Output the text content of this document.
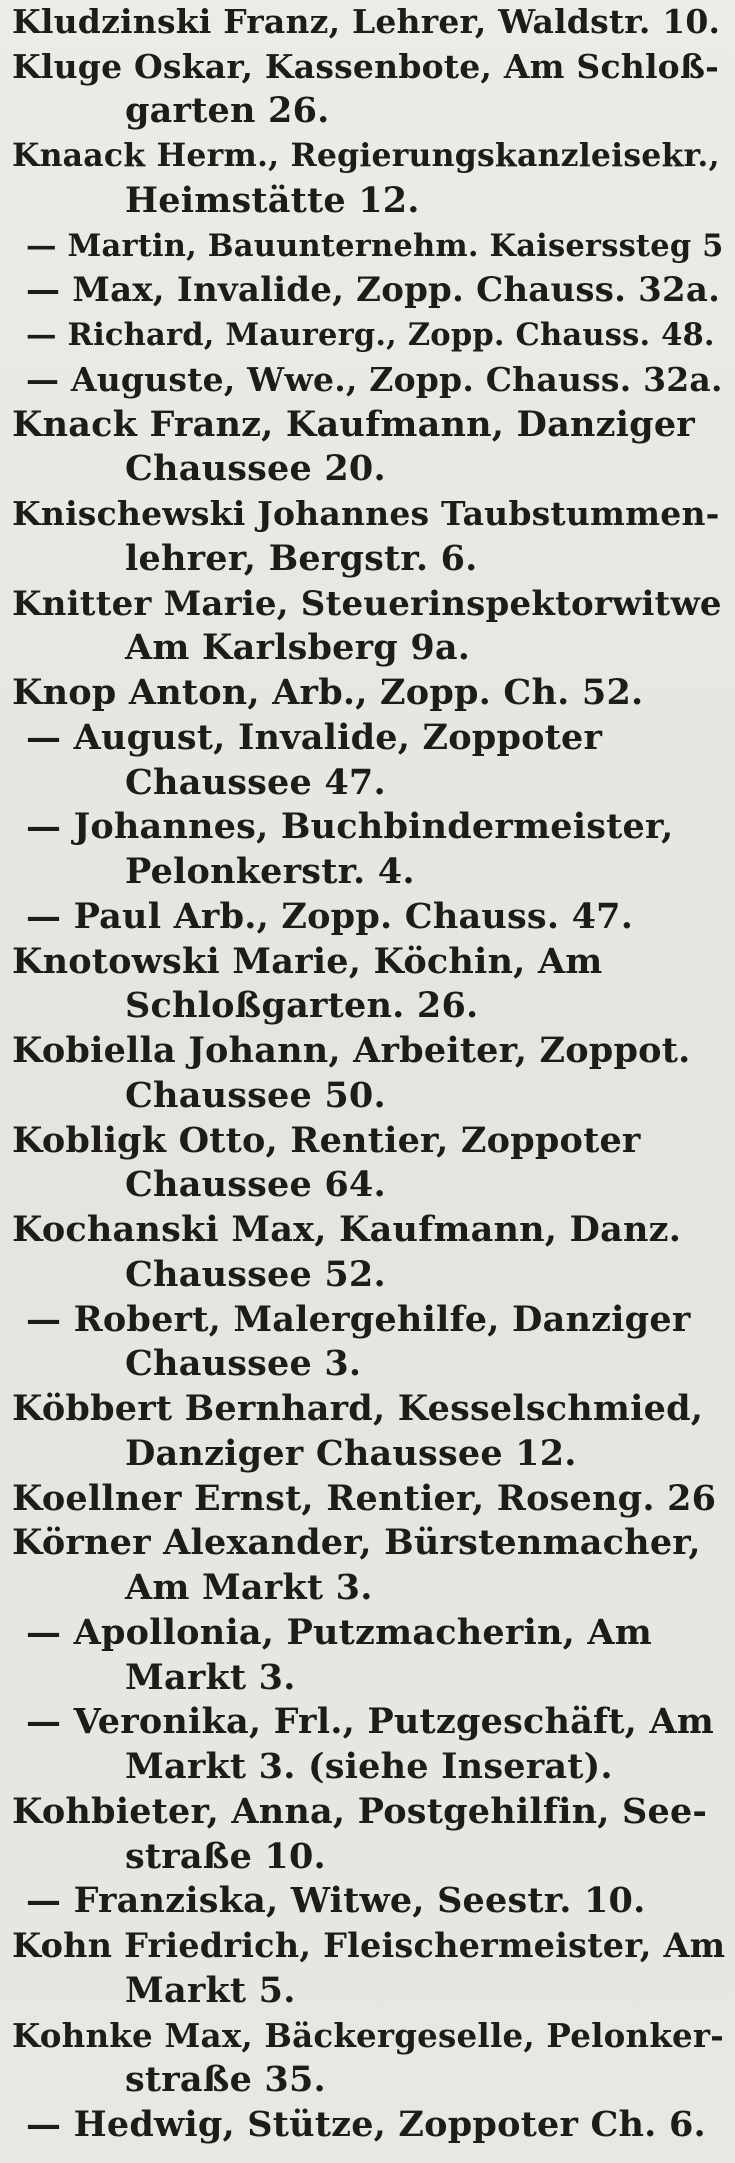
Kludzinski Franz, Lehrer, Waldstr. 10.
Kluge Oskar, Kassenbote, Am Schloß-
garten 26.
Knaack Herm., Regierungskanzleisekr.,
Heimstätte 12.
— Martin, Bauunternehm. Kaiserssteg 5
— Max, Invalide, Zopp. Chauss. 32a.
— Richard, Maurerg., Zopp. Chauss. 48.
— Auguste, Wwe., Zopp. Chauss. 32a.
Knack Franz, Kaufmann, Danziger
Chaussee 20.
Knischewski Johannes Taubstummen-
lehrer, Bergstr. 6.
Knitter Marie, Steuerinspektorwitwe
Am Karlsberg 9a.
Knop Anton, Arb., Zopp. Ch. 52.
— August, Invalide, Zoppoter
Chaussee 47.
— Johannes, Buchbindermeister,
Pelonkerstr. 4.
— Paul Arb., Zopp. Chauss. 47.
Knotowski Marie, Köchin, Am
Schloßgarten. 26.
Kobiella Johann, Arbeiter, Zoppot.
Chaussee 50.
Kobligk Otto, Rentier, Zoppoter
Chaussee 64.
Kochanski Max, Kaufmann, Danz.
Chaussee 52.
— Robert, Malergehilfe, Danziger
Chaussee 3.
Köbbert Bernhard, Kesselschmied,
Danziger Chaussee 12.
Koellner Ernst, Rentier, Roseng. 26
Körner Alexander, Bürstenmacher,
Am Markt 3.
— Apollonia, Putzmacherin, Am
Markt 3.
— Veronika, Frl., Putzgeschäft, Am
Markt 3. (siehe Inserat).
Kohbieter, Anna, Postgehilfin, See-
straße 10.
— Franziska, Witwe, Seestr. 10.
Kohn Friedrich, Fleischermeister, Am
Markt 5.
Kohnke Max, Bäckergeselle, Pelonker-
straße 35.
— Hedwig, Stütze, Zoppoter Ch. 6.
